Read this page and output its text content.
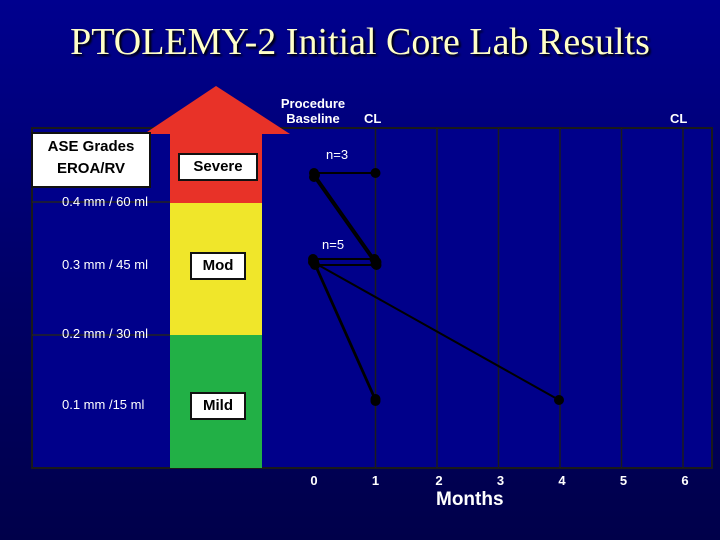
PTOLEMY-2 Initial Core Lab Results
0	1	2	3	4	5	6
ASE Grades
EROA/RV	Severe
Mod
Mild
0.4 mm / 60 ml
0.3 mm / 45 ml
0.2 mm / 30 ml
0.1 mm /15 ml
Procedure Baseline	CL	CL
n=3
n=5
Months
